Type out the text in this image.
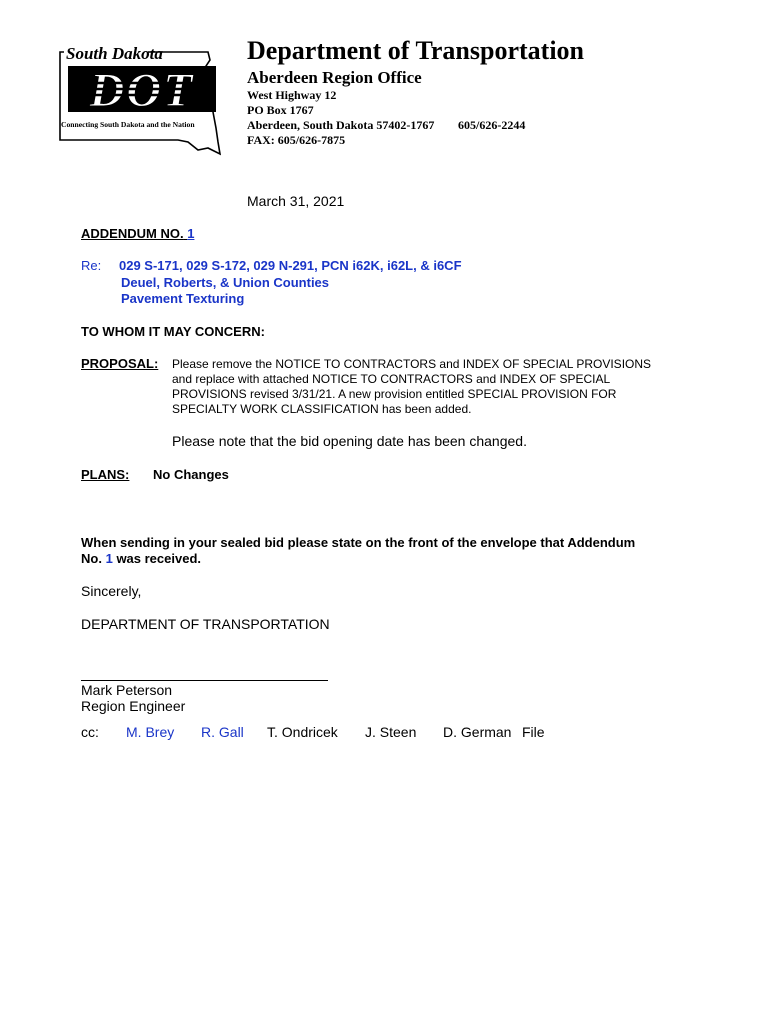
South Dakota
DOT
Connecting South Dakota and the Nation
Department of Transportation
Aberdeen Region Office
West Highway 12
PO Box 1767
Aberdeen, South Dakota 57402-1767 605/626-2244
FAX: 605/626-7875
March 31, 2021
ADDENDUM NO. 1
Re: 029 S-171, 029 S-172, 029 N-291, PCN i62K, i62L, & i6CF
Deuel, Roberts, & Union Counties
Pavement Texturing
TO WHOM IT MAY CONCERN:
PROPOSAL: Please remove the NOTICE TO CONTRACTORS and INDEX OF SPECIAL PROVISIONS
and replace with attached NOTICE TO CONTRACTORS and INDEX OF SPECIAL
PROVISIONS revised 3/31/21. A new provision entitled SPECIAL PROVISION FOR
SPECIALTY WORK CLASSIFICATION has been added.
Please note that the bid opening date has been changed.
PLANS: No Changes
When sending in your sealed bid please state on the front of the envelope that Addendum
No. 1 was received.
Sincerely,
DEPARTMENT OF TRANSPORTATION
Mark Peterson
Region Engineer
cc: M. Brey R. Gall T. Ondricek J. Steen D. German File
